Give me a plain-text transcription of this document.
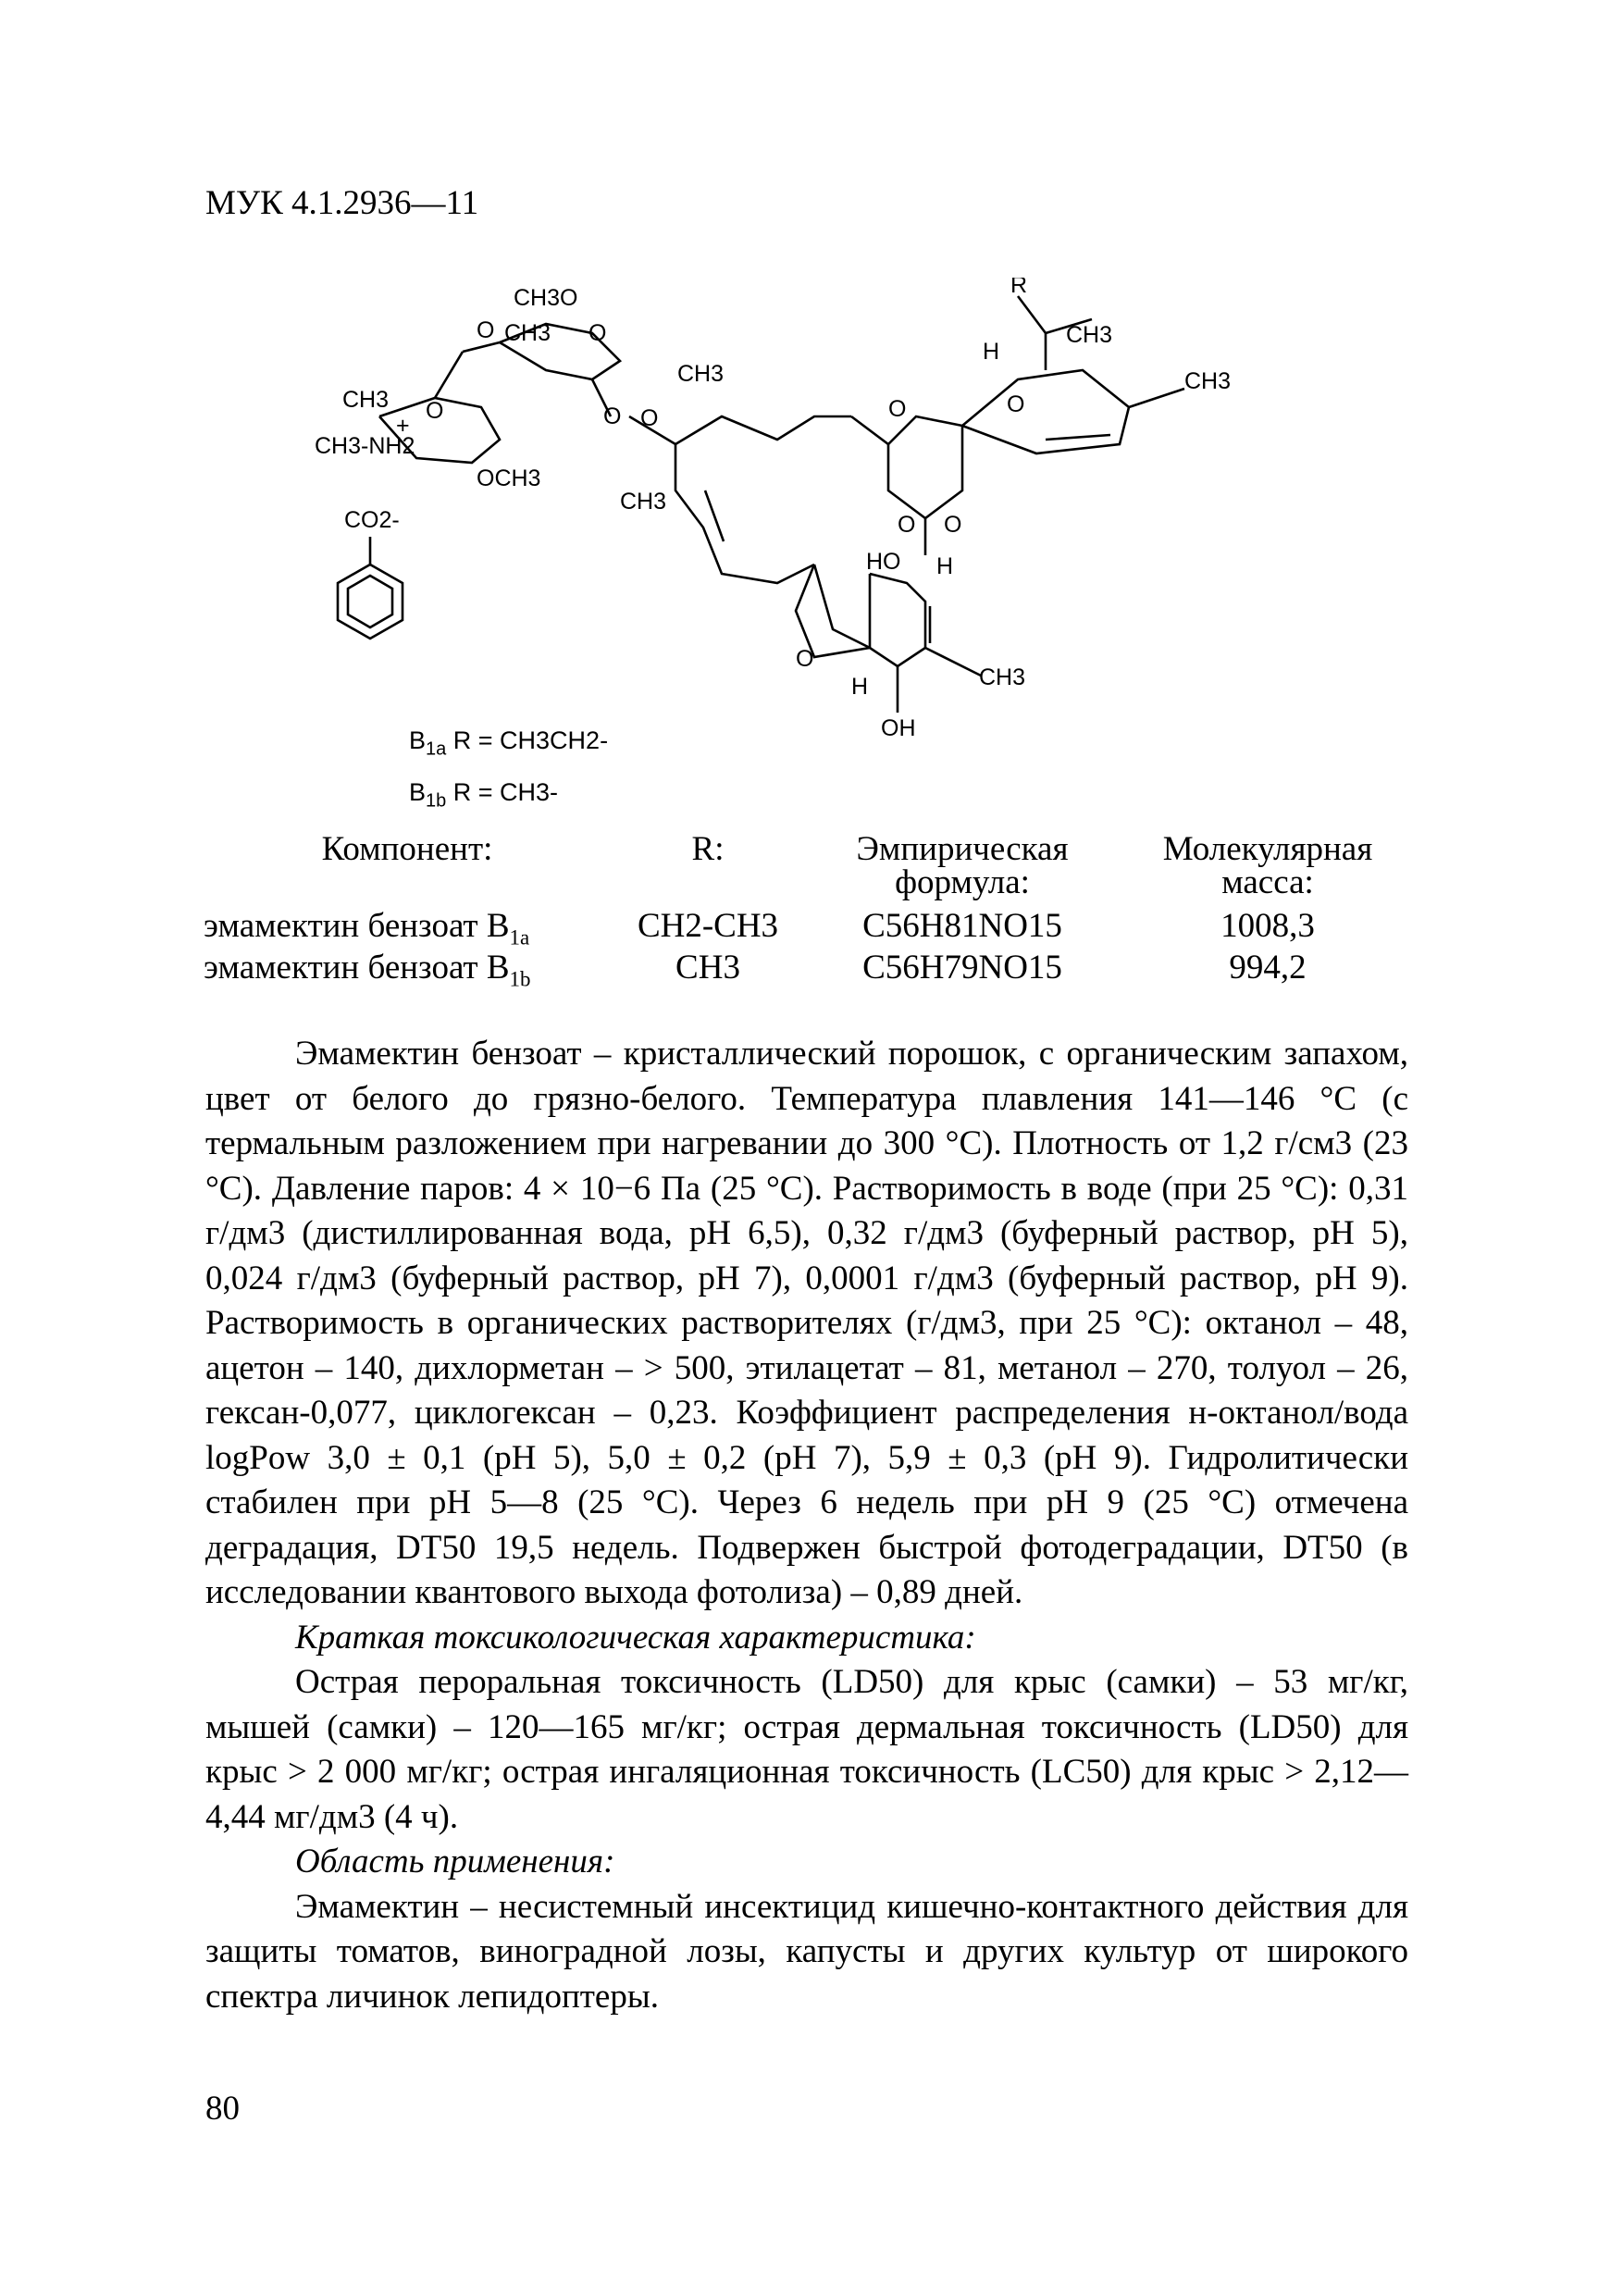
МУК 4.1.2936—11
CH3O
O CH3 O
O
CH3
+
CH3-NH2
OCH3
CO2-
O
CH3
CH3
O	O
R
H
CH3
CH3
O O
HO H
O
H
OH
CH3
O
$B_{1a}$ R = CH3CH2-
$B_{1b}$ R = CH3-
Компонент:	R:	Эмпирическая формула:	Молекулярная масса:
эмамектин бензоат $B_{1a}$	CH2-CH3	C56H81NO15	1008,3
эмамектин бензоат $B_{1b}$	CH3	C56H79NO15	994,2

Эмамектин бензоат – кристаллический порошок, с органическим запахом, цвет от белого до грязно-белого. Температура плавления 141—146 °С (с термальным разложением при нагревании до 300 °С). Плотность от 1,2 г/см3 (23 °С). Давление паров: 4 × 10−6 Па (25 °С). Растворимость в воде (при 25 °С): 0,31 г/дм3 (дистиллированная вода, рН 6,5), 0,32 г/дм3 (буферный раствор, рН 5), 0,024 г/дм3 (буферный раствор, рН 7), 0,0001 г/дм3 (буферный раствор, рН 9). Растворимость в органических растворителях (г/дм3, при 25 °С): октанол – 48, ацетон – 140, дихлорметан – > 500, этилацетат – 81, метанол – 270, толуол – 26, гексан-0,077, циклогексан – 0,23. Коэффициент распределения н-октанол/вода logPow 3,0 ± 0,1 (рН 5), 5,0 ± 0,2 (рН 7), 5,9 ± 0,3 (рН 9). Гидролитически стабилен при рН 5—8 (25 °С). Через 6 недель при рН 9 (25 °С) отмечена деградация, DT50 19,5 недель. Подвержен быстрой фотодеградации, DT50 (в исследовании квантового выхода фотолиза) – 0,89 дней.

Краткая токсикологическая характеристика:

Острая пероральная токсичность (LD50) для крыс (самки) – 53 мг/кг, мышей (самки) – 120—165 мг/кг; острая дермальная токсичность (LD50) для крыс > 2 000 мг/кг; острая ингаляционная токсичность (LC50) для крыс > 2,12—4,44 мг/дм3 (4 ч).

Область применения:

Эмамектин – несистемный инсектицид кишечно-контактного действия для защиты томатов, виноградной лозы, капусты и других культур от широкого спектра личинок лепидоптеры.

80
